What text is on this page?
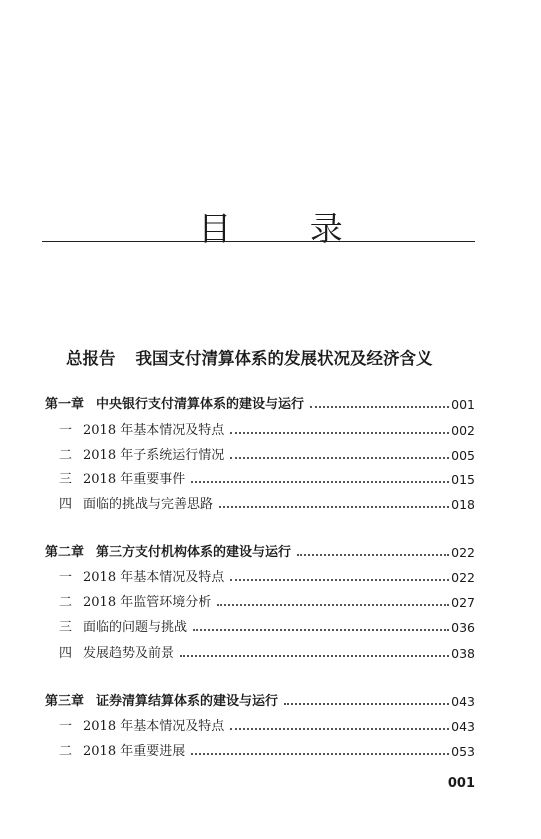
目 录
总报告 我国支付清算体系的发展状况及经济含义
第一章 中央银行支付清算体系的建设与运行	001
一 2018 年基本情况及特点	002
二 2018 年子系统运行情况	005
三 2018 年重要事件	015
四 面临的挑战与完善思路	018
第二章 第三方支付机构体系的建设与运行	022
一 2018 年基本情况及特点	022
二 2018 年监管环境分析	027
三 面临的问题与挑战	036
四 发展趋势及前景	038
第三章 证券清算结算体系的建设与运行	043
一 2018 年基本情况及特点	043
二 2018 年重要进展	053
001
